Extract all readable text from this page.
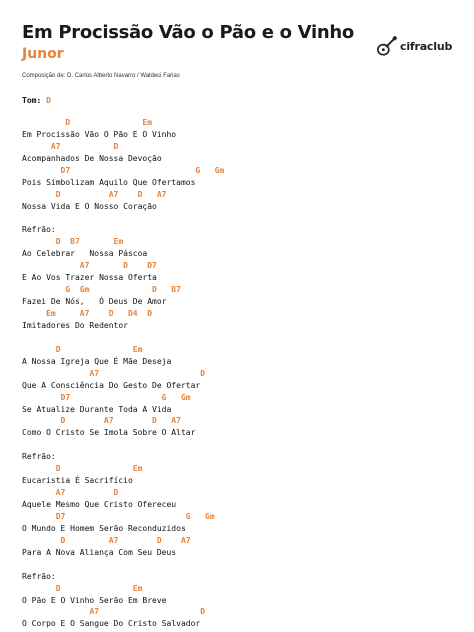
Em Procissão Vão o Pão e o Vinho
Junor	cifraclub
Composição de: D. Carlos Alberto Navarro / Waldeci Farias
Tom: D
D               Em
Em Procissão Vão O Pão E O Vinho
A7           D
Acompanhados De Nossa Devoção
D7                          G   Gm
Pois Simbolizam Aquilo Que Ofertamos
D          A7    D   A7
Nossa Vida E O Nosso Coração
Refrão:
D  B7       Em
Ao Celebrar   Nossa Páscoa
A7       D    D7
E Ao Vos Trazer Nossa Oferta
G  Gm             D   B7
Fazei De Nós,   Ó Deus De Amor
Em     A7    D   D4  D
Imitadores Do Redentor
D               Em
A Nossa Igreja Que É Mãe Deseja
A7                     D
Que A Consciência Do Gesto De Ofertar
D7                   G   Gm
Se Atualize Durante Toda A Vida
D        A7        D   A7
Como O Cristo Se Imola Sobre O Altar
Refrão:
D               Em
Eucaristia É Sacrifício
A7          D
Aquele Mesmo Que Cristo Ofereceu
D7                         G   Gm
O Mundo E Homem Serão Reconduzidos
D         A7        D    A7
Para A Nova Aliança Com Seu Deus
Refrão:
D               Em
O Pão E O Vinho Serão Em Breve
A7                     D
O Corpo E O Sangue Do Cristo Salvador
